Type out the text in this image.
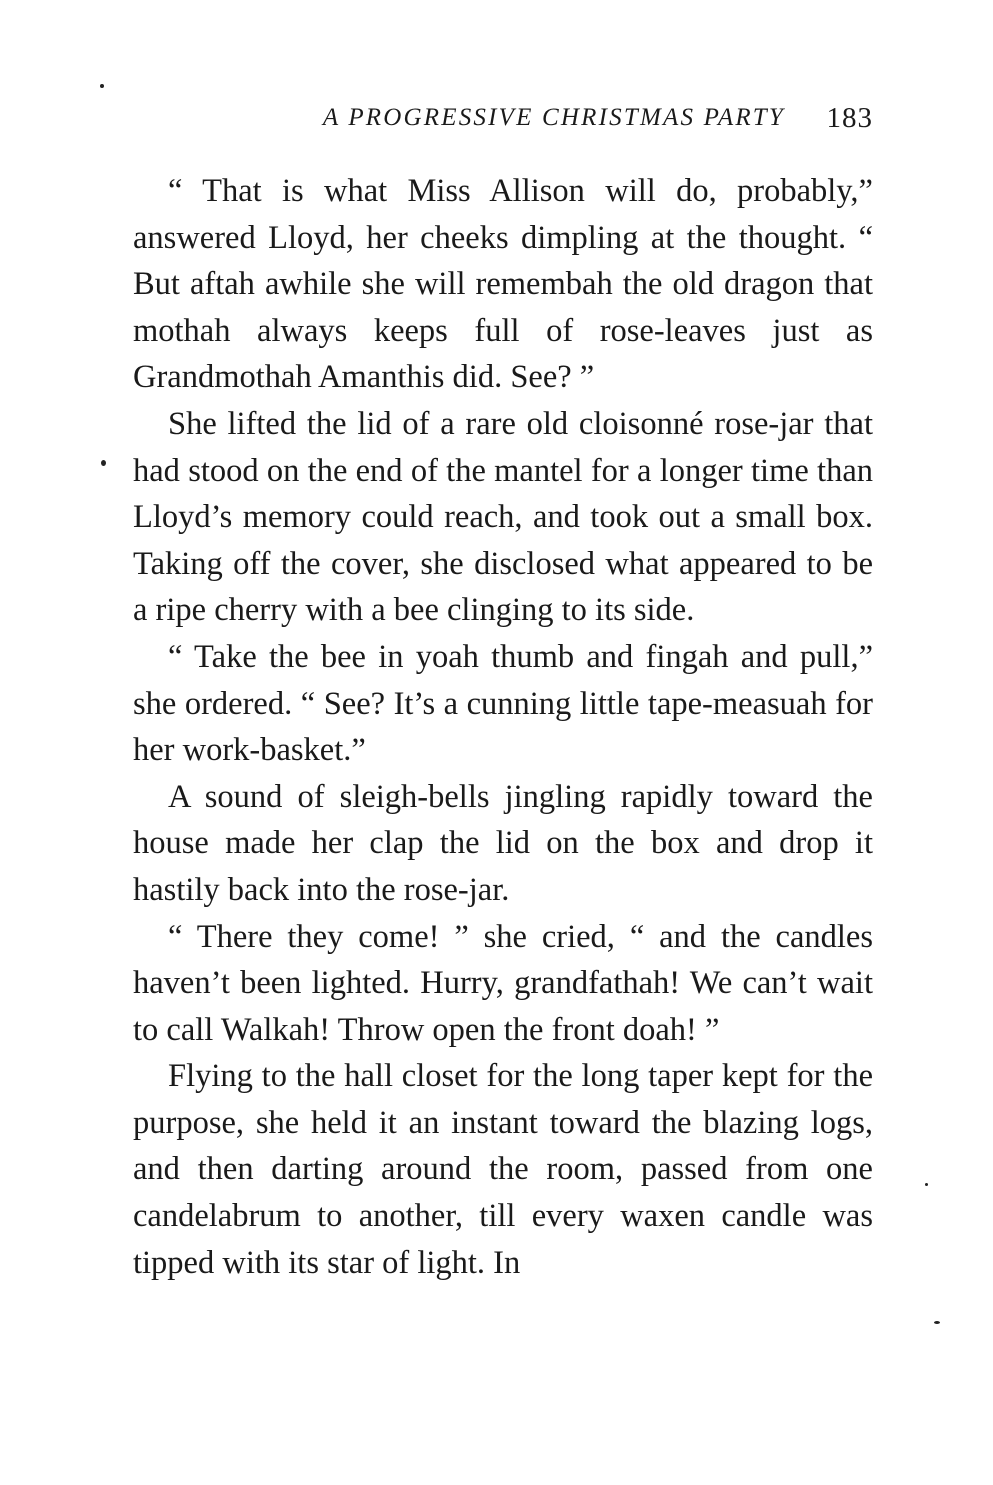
A PROGRESSIVE CHRISTMAS PARTY 183

“ That is what Miss Allison will do, probably,” answered Lloyd, her cheeks dimpling at the thought. “ But aftah awhile she will remembah the old dragon that mothah always keeps full of rose-leaves just as Grandmothah Amanthis did. See? ”

She lifted the lid of a rare old cloisonné rose-jar that had stood on the end of the mantel for a longer time than Lloyd’s memory could reach, and took out a small box. Taking off the cover, she disclosed what appeared to be a ripe cherry with a bee clinging to its side.

“ Take the bee in yoah thumb and fingah and pull,” she ordered. “ See? It’s a cunning little tape-measuah for her work-basket.”

A sound of sleigh-bells jingling rapidly toward the house made her clap the lid on the box and drop it hastily back into the rose-jar.

“ There they come! ” she cried, “ and the candles haven’t been lighted. Hurry, grandfathah! We can’t wait to call Walkah! Throw open the front doah! ”

Flying to the hall closet for the long taper kept for the purpose, she held it an instant toward the blazing logs, and then darting around the room, passed from one candelabrum to another, till every waxen candle was tipped with its star of light. In
